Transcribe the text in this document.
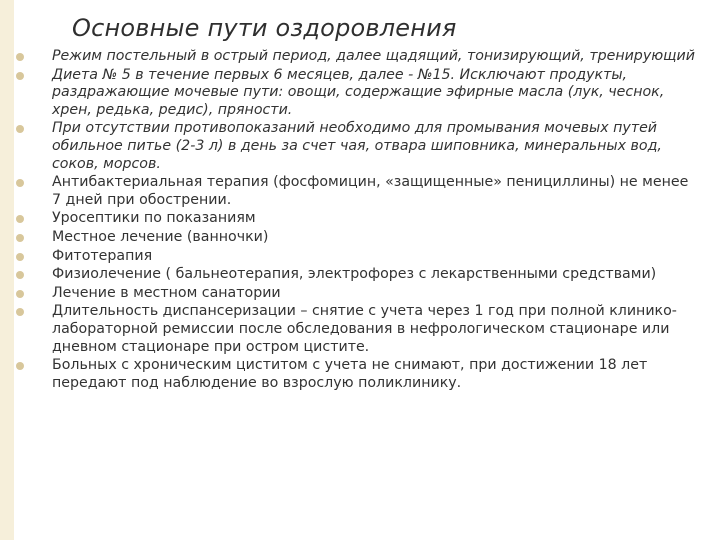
Основные пути оздоровления
Режим постельный в острый период, далее щадящий, тонизирующий, тренирующий
Диета № 5 в течение первых 6 месяцев, далее - №15. Исключают продукты, раздражающие мочевые пути: овощи, содержащие эфирные масла (лук, чеснок, хрен, редька, редис), пряности.
При отсутствии противопоказаний необходимо для промывания мочевых путей обильное питье (2-3 л) в день за счет чая, отвара шиповника, минеральных вод, соков, морсов.
Антибактериальная терапия (фосфомицин, «защищенные» пенициллины) не менее 7 дней при обострении.
Уросептики по показаниям
Местное лечение (ванночки)
Фитотерапия
Физиолечение ( бальнеотерапия, электрофорез с лекарственными средствами)
Лечение в местном санатории
Длительность диспансеризации – снятие с учета через 1 год при полной клинико-лабораторной ремиссии после обследования в нефрологическом стационаре или дневном стационаре при остром цистите.
Больных с хроническим циститом с учета не снимают, при достижении 18 лет передают под наблюдение во взрослую поликлинику.
